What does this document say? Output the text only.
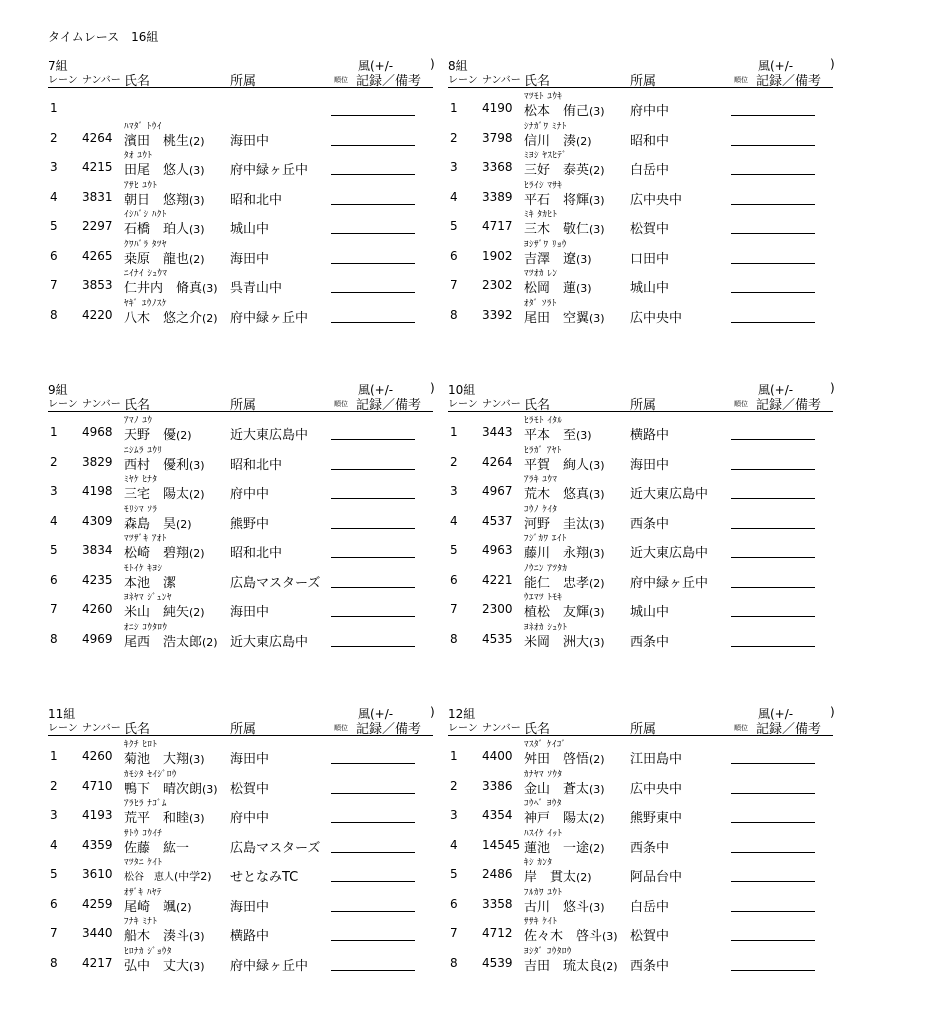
タイムレース　16組
7組	風(+/-	)
レーン ナンバー 氏名	所属	順位 記録／備考
1
ﾊﾏﾀﾞ ﾄｳｲ
2 4264 濱田　桃生(2) 海田中
ﾀｵ ﾕｳﾄ
3 4215 田尾　悠人(3) 府中緑ヶ丘中
ｱｻﾋ ﾕｳﾄ
4 3831 朝日　悠翔(3) 昭和北中
ｲｼﾊﾞｼ ﾊｸﾄ
5 2297 石橋　珀人(3) 城山中
ｸﾜﾊﾞﾗ ﾀﾂﾔ
6 4265 桒原　龍也(2) 海田中
ﾆｲﾅｲ ｼｭｳﾏ
7 3853 仁井内　脩真(3) 呉青山中
ﾔｷﾞ ﾕｳﾉｽｹ
8 4220 八木　悠之介(2) 府中緑ヶ丘中
8組	風(+/-	)
レーン ナンバー 氏名	所属	順位 記録／備考
ﾏﾂﾓﾄ ﾕｳｷ
1 4190 松本　侑己(3) 府中中
ｼﾅｶﾞﾜ ﾐﾅﾄ
2 3798 信川　湊(2)	昭和中
ﾐﾖｼ ﾔｽﾋﾃﾞ
3 3368 三好　泰英(2) 白岳中
ﾋﾗｲｼ ﾏｻｷ
4 3389 平石　将輝(3) 広中央中
ﾐｷ ﾀｶﾋﾄ
5 4717 三木　敬仁(3) 松賀中
ﾖｼｻﾞﾜ ﾘｮｳ
6 1902 吉澤　遼(3)	口田中
ﾏﾂｵｶ ﾚﾝ
7 2302 松岡　蓮(3)	城山中
ｵﾀﾞ ｿﾗﾄ
8 3392 尾田　空翼(3) 広中央中
9組	風(+/-	)
レーン ナンバー 氏名	所属	順位 記録／備考
ｱﾏﾉ ﾕｳ
1 4968 天野　優(2)	近大東広島中
ﾆｼﾑﾗ ﾕｳﾘ
2 3829 西村　優利(3) 昭和北中
ﾐﾔｹ ﾋﾅﾀ
3 4198 三宅　陽太(2) 府中中
ﾓﾘｼﾏ ｿﾗ
4 4309 森島　昊(2)	熊野中
ﾏﾂｻﾞｷ ｱｵﾄ
5 3834 松崎　碧翔(2) 昭和北中
ﾓﾄｲｹ ｷﾖｼ
6 4235 本池　潔	広島マスターズ
ﾖﾈﾔﾏ ｼﾞｭﾝﾔ
7 4260 米山　純矢(2) 海田中
ｵﾆｼ ｺｳﾀﾛｳ
8 4969 尾西　浩太郎(2) 近大東広島中
10組	風(+/-	)
レーン ナンバー 氏名	所属	順位 記録／備考
ﾋﾗﾓﾄ ｲﾀﾙ
1 3443 平本　至(3)	横路中
ﾋﾗｶﾞ ｱﾔﾄ
2 4264 平賀　絢人(3) 海田中
ｱﾗｷ ﾕｳﾏ
3 4967 荒木　悠真(3) 近大東広島中
ｺｳﾉ ｹｲﾀ
4 4537 河野　圭汰(3) 西条中
ﾌｼﾞｶﾜ ｴｲﾄ
5 4963 藤川　永翔(3) 近大東広島中
ﾉｳﾆﾝ ｱﾂﾀｶ
6 4221 能仁　忠孝(2) 府中緑ヶ丘中
ｳｴﾏﾂ ﾄﾓｷ
7 2300 植松　友輝(3) 城山中
ﾖﾈｵｶ ｼｭｳﾄ
8 4535 米岡　洲大(3) 西条中
11組	風(+/-	)
レーン ナンバー 氏名	所属	順位 記録／備考
ｷｸﾁ ﾋﾛﾄ
1 4260 菊池　大翔(3) 海田中
ｶﾓｼﾀ ｾｲｼﾞﾛｳ
2 4710 鴨下　晴次朗(3) 松賀中
ｱﾗﾋﾗ ﾅｺﾞﾑ
3 4193 荒平　和睦(3) 府中中
ｻﾄｳ ｺｳｲﾁ
4 4359 佐藤　紘一	広島マスターズ
ﾏﾂﾀﾆ ｹｲﾄ
5 3610 松谷　恵人(中学2) せとなみTC
ｵｻﾞｷ ﾊﾔﾃ
6 4259 尾崎　颯(2)	海田中
ﾌﾅｷ ﾐﾅﾄ
7 3440 船木　湊斗(3) 横路中
ﾋﾛﾅｶ ｼﾞｮｳﾀ
8 4217 弘中　丈大(3) 府中緑ヶ丘中
12組	風(+/-	)
レーン ナンバー 氏名	所属	順位 記録／備考
ﾏｽﾀﾞ ｹｲｺﾞ
1 4400 舛田　啓悟(2) 江田島中
ｶﾅﾔﾏ ｿｳﾀ
2 3386 金山　蒼太(3) 広中央中
ｺｳﾍﾞ ﾖｳﾀ
3 4354 神戸　陽太(2) 熊野東中
ﾊｽｲｹ ｲｯﾄ
4 14545 蓮池　一途(2) 西条中
ｷｼ ｶﾝﾀ
5 2486 岸　貫太(2)	阿品台中
ﾌﾙｶﾜ ﾕｳﾄ
6 3358 古川　悠斗(3) 白岳中
ｻｻｷ ｹｲﾄ
7 4712 佐々木　啓斗(3) 松賀中
ﾖｼﾀﾞ ｺｳﾀﾛｳ
8 4539 吉田　琉太良(2) 西条中
